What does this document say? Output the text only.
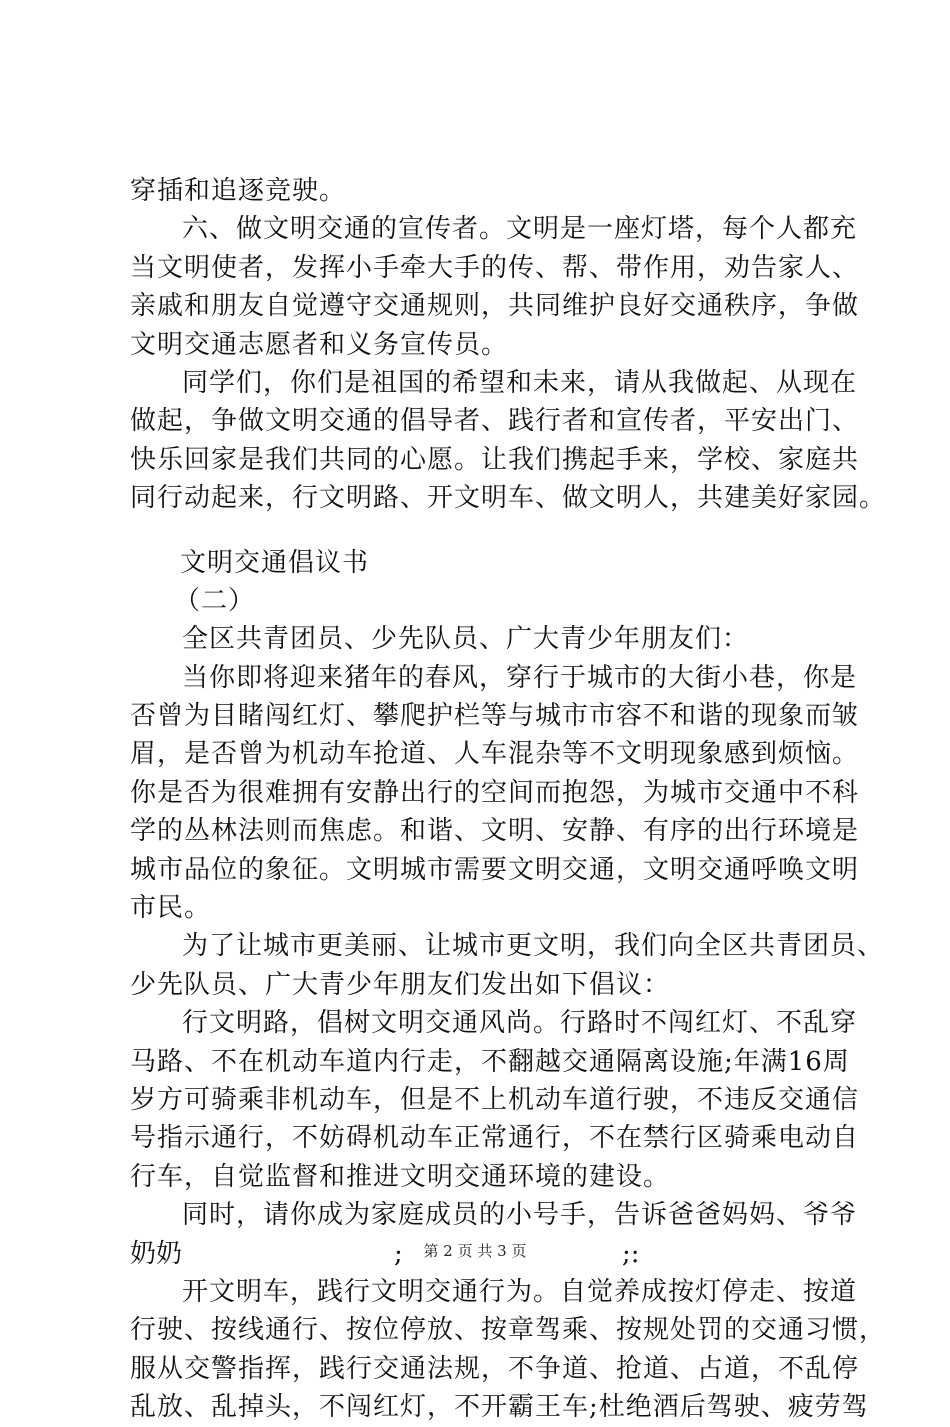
穿插和追逐竞驶。
六、做文明交通的宣传者。文明是一座灯塔，每个人都充
当文明使者，发挥小手牵大手的传、帮、带作用，劝告家人、
亲戚和朋友自觉遵守交通规则，共同维护良好交通秩序，争做
文明交通志愿者和义务宣传员。
同学们，你们是祖国的希望和未来，请从我做起、从现在
做起，争做文明交通的倡导者、践行者和宣传者，平安出门、
快乐回家是我们共同的心愿。让我们携起手来，学校、家庭共
同行动起来，行文明路、开文明车、做文明人，共建美好家园。
文明交通倡议书
（二）
全区共青团员、少先队员、广大青少年朋友们：
当你即将迎来猪年的春风，穿行于城市的大街小巷，你是
否曾为目睹闯红灯、攀爬护栏等与城市市容不和谐的现象而皱
眉，是否曾为机动车抢道、人车混杂等不文明现象感到烦恼。
你是否为很难拥有安静出行的空间而抱怨，为城市交通中不科
学的丛林法则而焦虑。和谐、文明、安静、有序的出行环境是
城市品位的象征。文明城市需要文明交通，文明交通呼唤文明
市民。
为了让城市更美丽、让城市更文明，我们向全区共青团员、
少先队员、广大青少年朋友们发出如下倡议：
行文明路，倡树文明交通风尚。行路时不闯红灯、不乱穿
马路、不在机动车道内行走，不翻越交通隔离设施;年满16周
岁方可骑乘非机动车，但是不上机动车道行驶，不违反交通信
号指示通行，不妨碍机动车正常通行，不在禁行区骑乘电动自
行车，自觉监督和推进文明交通环境的建设。
同时，请你成为家庭成员的小号手，告诉爸爸妈妈、爷爷
奶奶	;	;:
开文明车，践行文明交通行为。自觉养成按灯停走、按道
行驶、按线通行、按位停放、按章驾乘、按规处罚的交通习惯，
服从交警指挥，践行交通法规，不争道、抢道、占道，不乱停
乱放、乱掉头，不闯红灯，不开霸王车;杜绝酒后驾驶、疲劳驾
第 2 页 共 3 页
